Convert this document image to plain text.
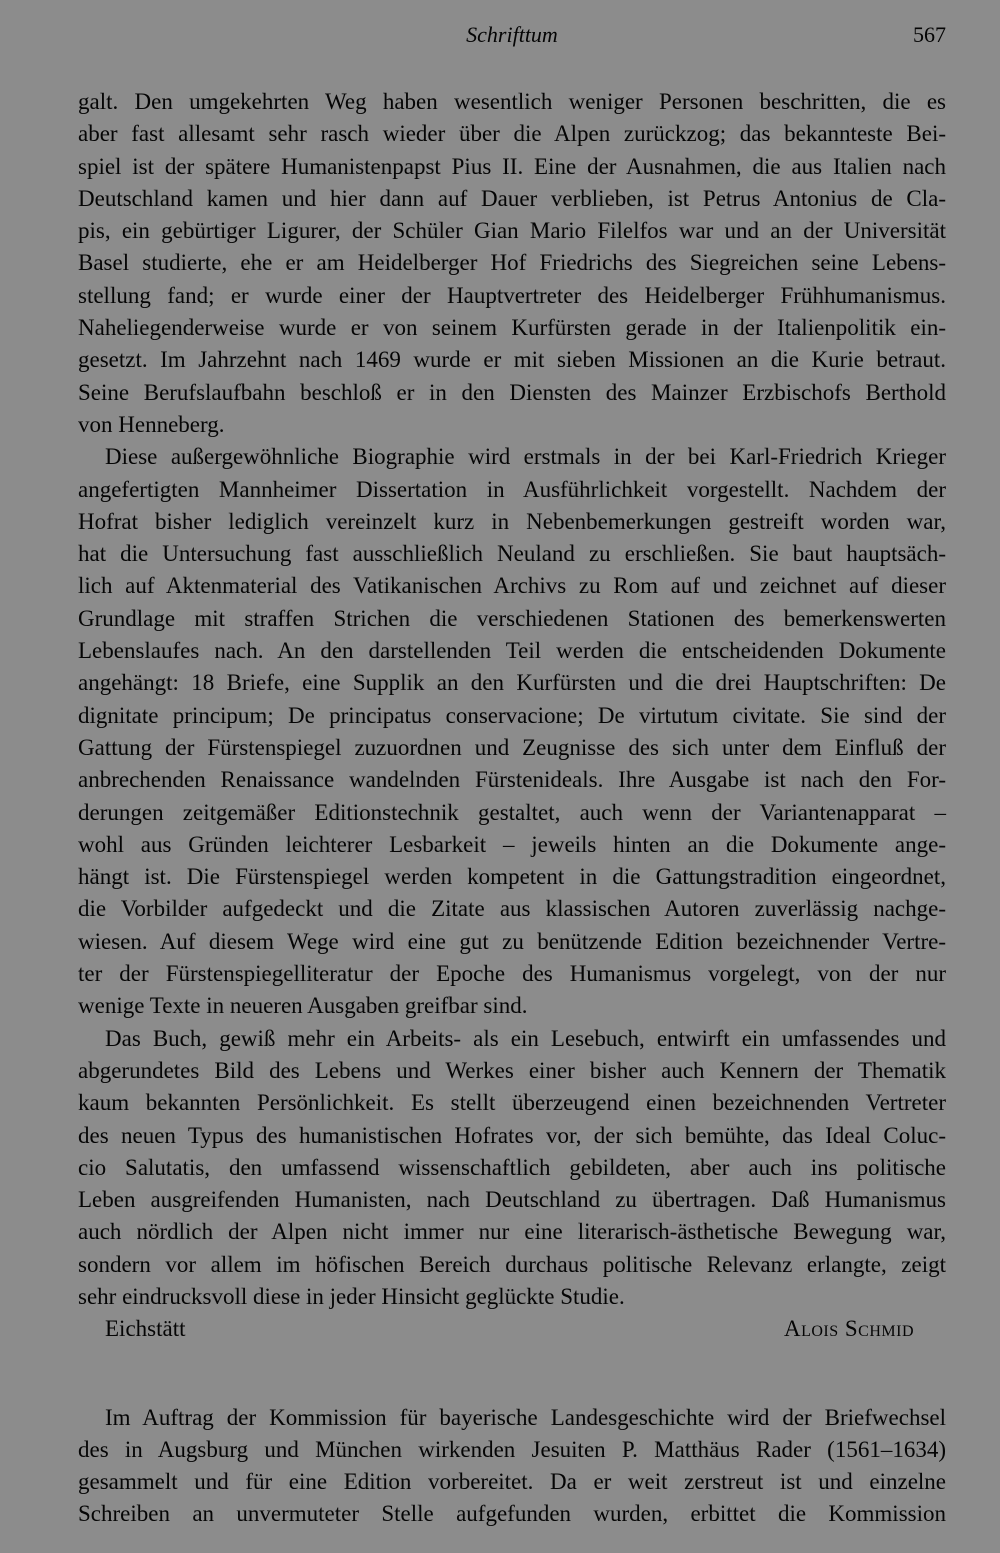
Schrifttum	567
galt. Den umgekehrten Weg haben wesentlich weniger Personen beschritten, die es
aber fast allesamt sehr rasch wieder über die Alpen zurückzog; das bekannteste Bei-
spiel ist der spätere Humanistenpapst Pius II. Eine der Ausnahmen, die aus Italien nach
Deutschland kamen und hier dann auf Dauer verblieben, ist Petrus Antonius de Cla-
pis, ein gebürtiger Ligurer, der Schüler Gian Mario Filelfos war und an der Universität
Basel studierte, ehe er am Heidelberger Hof Friedrichs des Siegreichen seine Lebens-
stellung fand; er wurde einer der Hauptvertreter des Heidelberger Frühhumanismus.
Naheliegenderweise wurde er von seinem Kurfürsten gerade in der Italienpolitik ein-
gesetzt. Im Jahrzehnt nach 1469 wurde er mit sieben Missionen an die Kurie betraut.
Seine Berufslaufbahn beschloß er in den Diensten des Mainzer Erzbischofs Berthold
von Henneberg.
Diese außergewöhnliche Biographie wird erstmals in der bei Karl-Friedrich Krieger
angefertigten Mannheimer Dissertation in Ausführlichkeit vorgestellt. Nachdem der
Hofrat bisher lediglich vereinzelt kurz in Nebenbemerkungen gestreift worden war,
hat die Untersuchung fast ausschließlich Neuland zu erschließen. Sie baut hauptsäch-
lich auf Aktenmaterial des Vatikanischen Archivs zu Rom auf und zeichnet auf dieser
Grundlage mit straffen Strichen die verschiedenen Stationen des bemerkenswerten
Lebenslaufes nach. An den darstellenden Teil werden die entscheidenden Dokumente
angehängt: 18 Briefe, eine Supplik an den Kurfürsten und die drei Hauptschriften: De
dignitate principum; De principatus conservacione; De virtutum civitate. Sie sind der
Gattung der Fürstenspiegel zuzuordnen und Zeugnisse des sich unter dem Einfluß der
anbrechenden Renaissance wandelnden Fürstenideals. Ihre Ausgabe ist nach den For-
derungen zeitgemäßer Editionstechnik gestaltet, auch wenn der Variantenapparat –
wohl aus Gründen leichterer Lesbarkeit – jeweils hinten an die Dokumente ange-
hängt ist. Die Fürstenspiegel werden kompetent in die Gattungstradition eingeordnet,
die Vorbilder aufgedeckt und die Zitate aus klassischen Autoren zuverlässig nachge-
wiesen. Auf diesem Wege wird eine gut zu benützende Edition bezeichnender Vertre-
ter der Fürstenspiegelliteratur der Epoche des Humanismus vorgelegt, von der nur
wenige Texte in neueren Ausgaben greifbar sind.
Das Buch, gewiß mehr ein Arbeits- als ein Lesebuch, entwirft ein umfassendes und
abgerundetes Bild des Lebens und Werkes einer bisher auch Kennern der Thematik
kaum bekannten Persönlichkeit. Es stellt überzeugend einen bezeichnenden Vertreter
des neuen Typus des humanistischen Hofrates vor, der sich bemühte, das Ideal Coluc-
cio Salutatis, den umfassend wissenschaftlich gebildeten, aber auch ins politische
Leben ausgreifenden Humanisten, nach Deutschland zu übertragen. Daß Humanismus
auch nördlich der Alpen nicht immer nur eine literarisch-ästhetische Bewegung war,
sondern vor allem im höfischen Bereich durchaus politische Relevanz erlangte, zeigt
sehr eindrucksvoll diese in jeder Hinsicht geglückte Studie.
Eichstätt	Alois Schmid
Im Auftrag der Kommission für bayerische Landesgeschichte wird der Briefwechsel
des in Augsburg und München wirkenden Jesuiten P. Matthäus Rader (1561–1634)
gesammelt und für eine Edition vorbereitet. Da er weit zerstreut ist und einzelne
Schreiben an unvermuteter Stelle aufgefunden wurden, erbittet die Kommission
